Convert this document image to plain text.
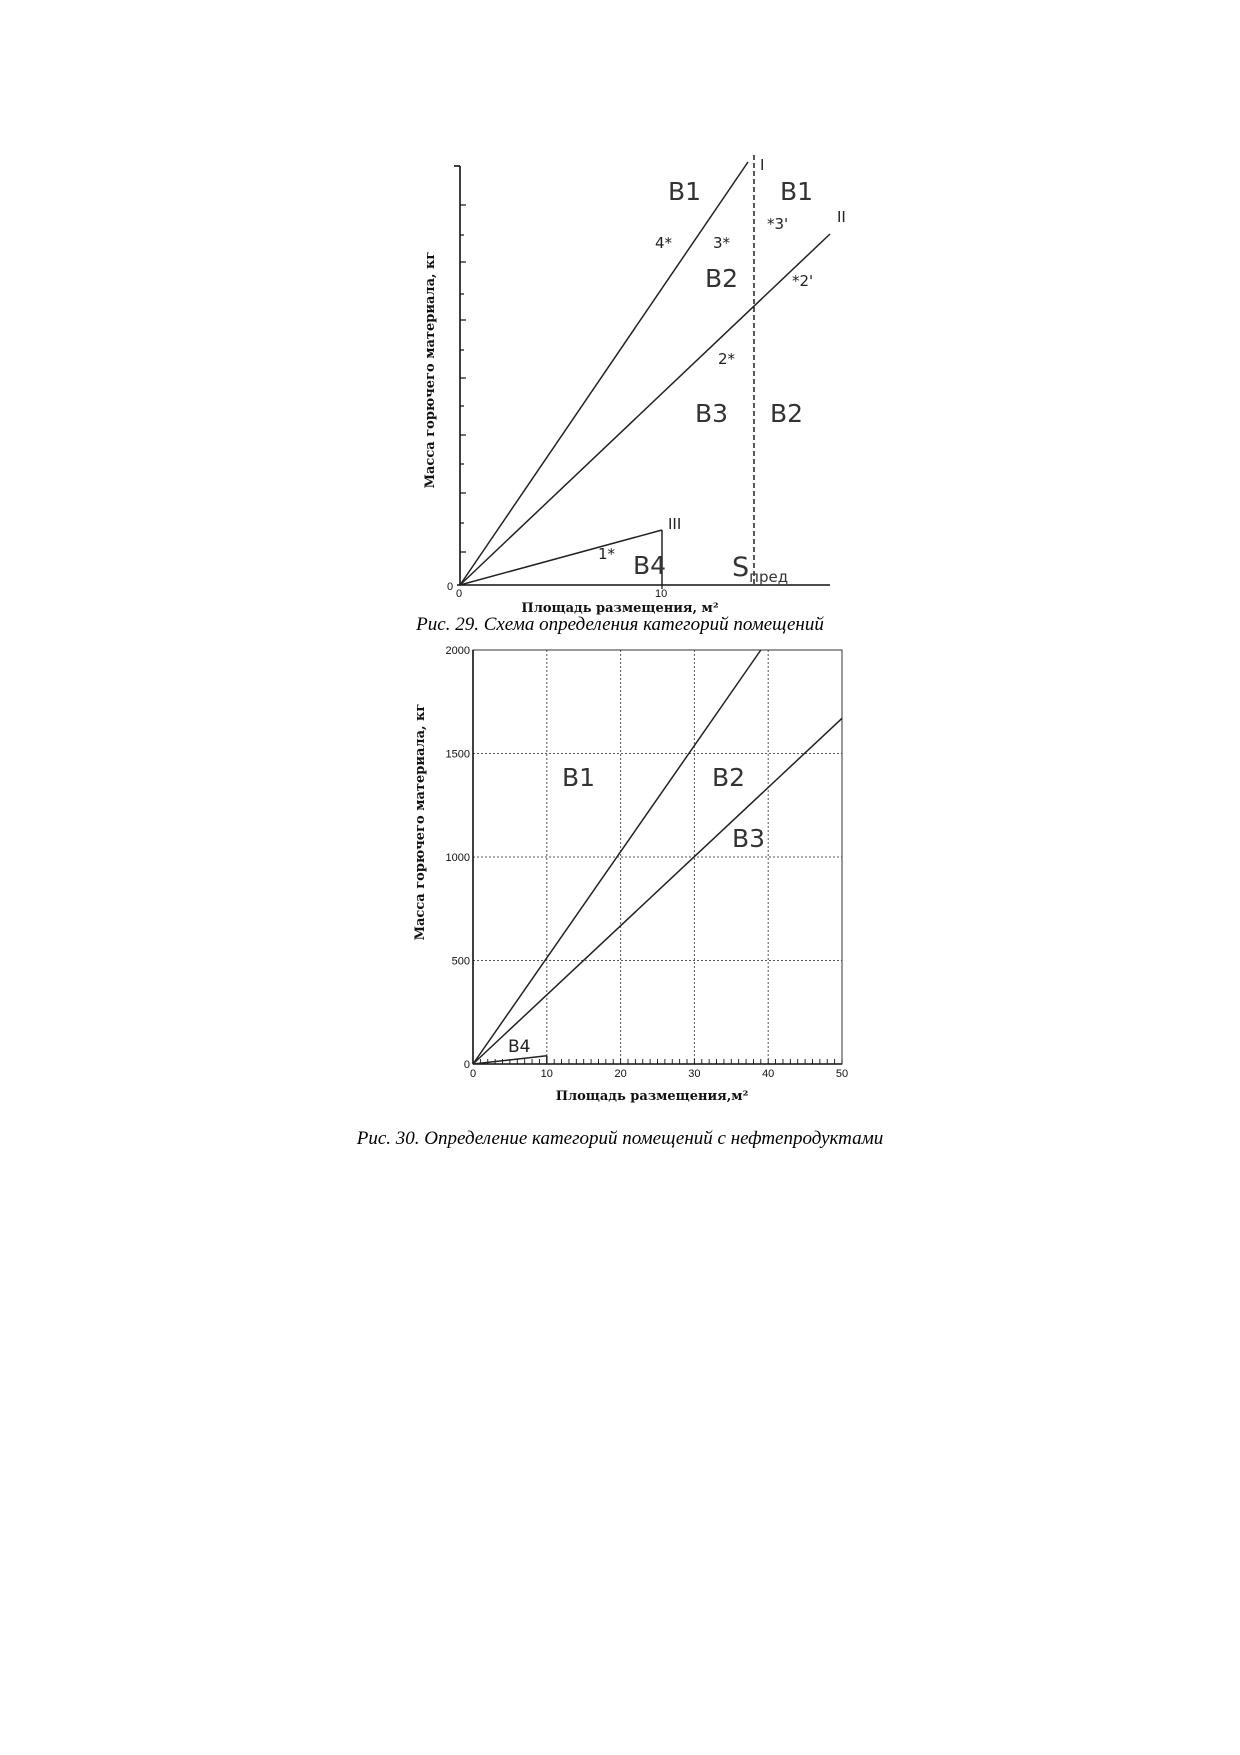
Масса горючего материала, кг
Площадь размещения, м²
0
0	10
I
II
III
В1	В1
В2
В3 В2
В4
4*	3*
*3'
*2'
2*
1*	Sпред
Рис. 29. Схема определения категорий помещений
0	10	20	30	40	50
0
500
1000
1500
2000
Масса горючего материала, кг
Площадь размещения,м²
В1	В2
В3
В4
Рис. 30. Определение категорий помещений с нефтепродуктами
